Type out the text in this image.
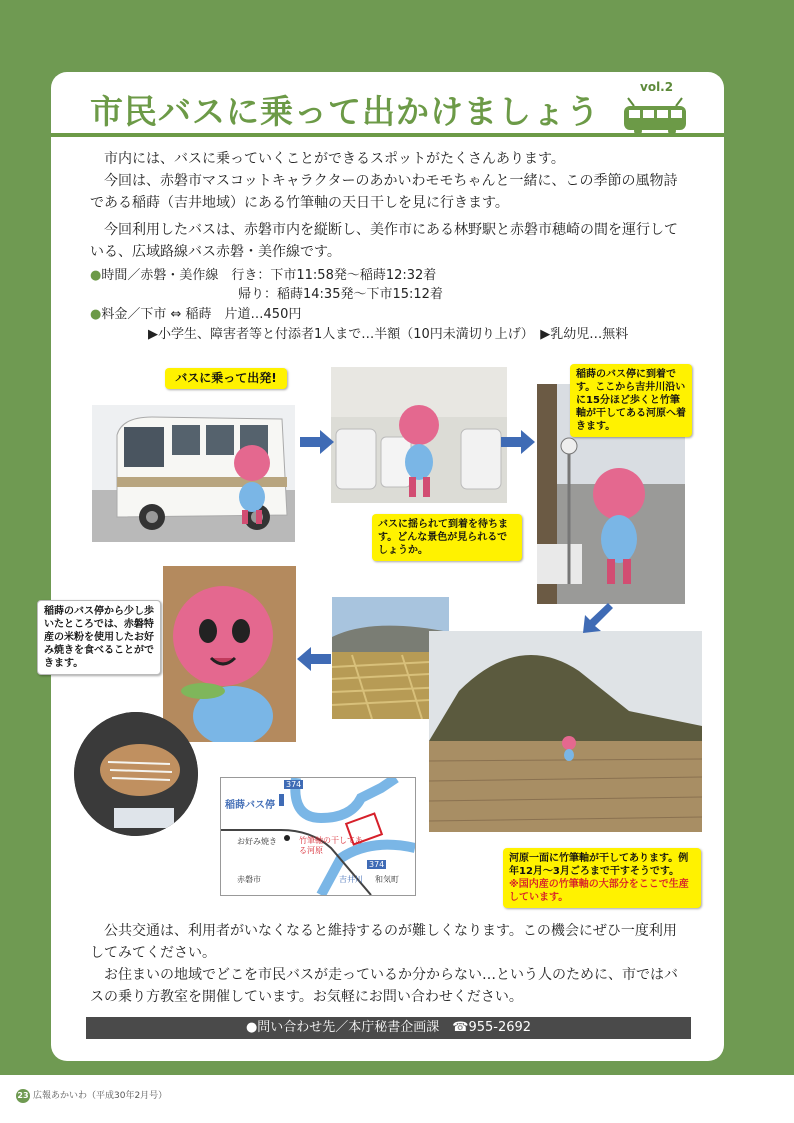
市民バスに乗って出かけましょう
vol.2
市内には、バスに乗っていくことができるスポットがたくさんあります。
今回は、赤磐市マスコットキャラクターのあかいわモモちゃんと一緒に、この季節の風物詩である稲蒔（吉井地域）にある竹筆軸の天日干しを見に行きます。
今回利用したバスは、赤磐市内を縦断し、美作市にある林野駅と赤磐市穂崎の間を運行している、広域路線バス赤磐・美作線です。
●時間／赤磐・美作線　 行き：下市11:58発～稲蒔12:32着
帰り：稲蒔14:35発～下市15:12着
●料金／下市 ⇔ 稲蒔　 片道…450円
▶小学生、障害者等と付添者1人まで…半額（10円未満切り上げ）　▶乳幼児…無料
バスに乗って出発!
バスに揺られて到着を待ちます。どんな景色が見られるでしょうか。
稲蒔のバス停に到着です。ここから吉井川沿いに15分ほど歩くと竹筆軸が干してある河原へ着きます。
稲蒔のバス停から少し歩いたところでは、赤磐特産の米粉を使用したお好み焼きを食べることができます。
河原一面に竹筆軸が干してあります。例年12月～3月ごろまで干すそうです。
※国内産の竹筆軸の大部分をここで生産しています。
稲蒔バス停
お好み焼き	竹筆軸の干してある河原
赤磐市	和気町
吉井川
374
374
公共交通は、利用者がいなくなると維持するのが難しくなります。この機会にぜひ一度利用してみてください。
お住まいの地域でどこを市民バスが走っているか分からない…という人のために、市ではバスの乗り方教室を開催しています。お気軽にお問い合わせください。
●問い合わせ先／本庁秘書企画課　☎955-2692
23 広報あかいわ（平成30年2月号）
